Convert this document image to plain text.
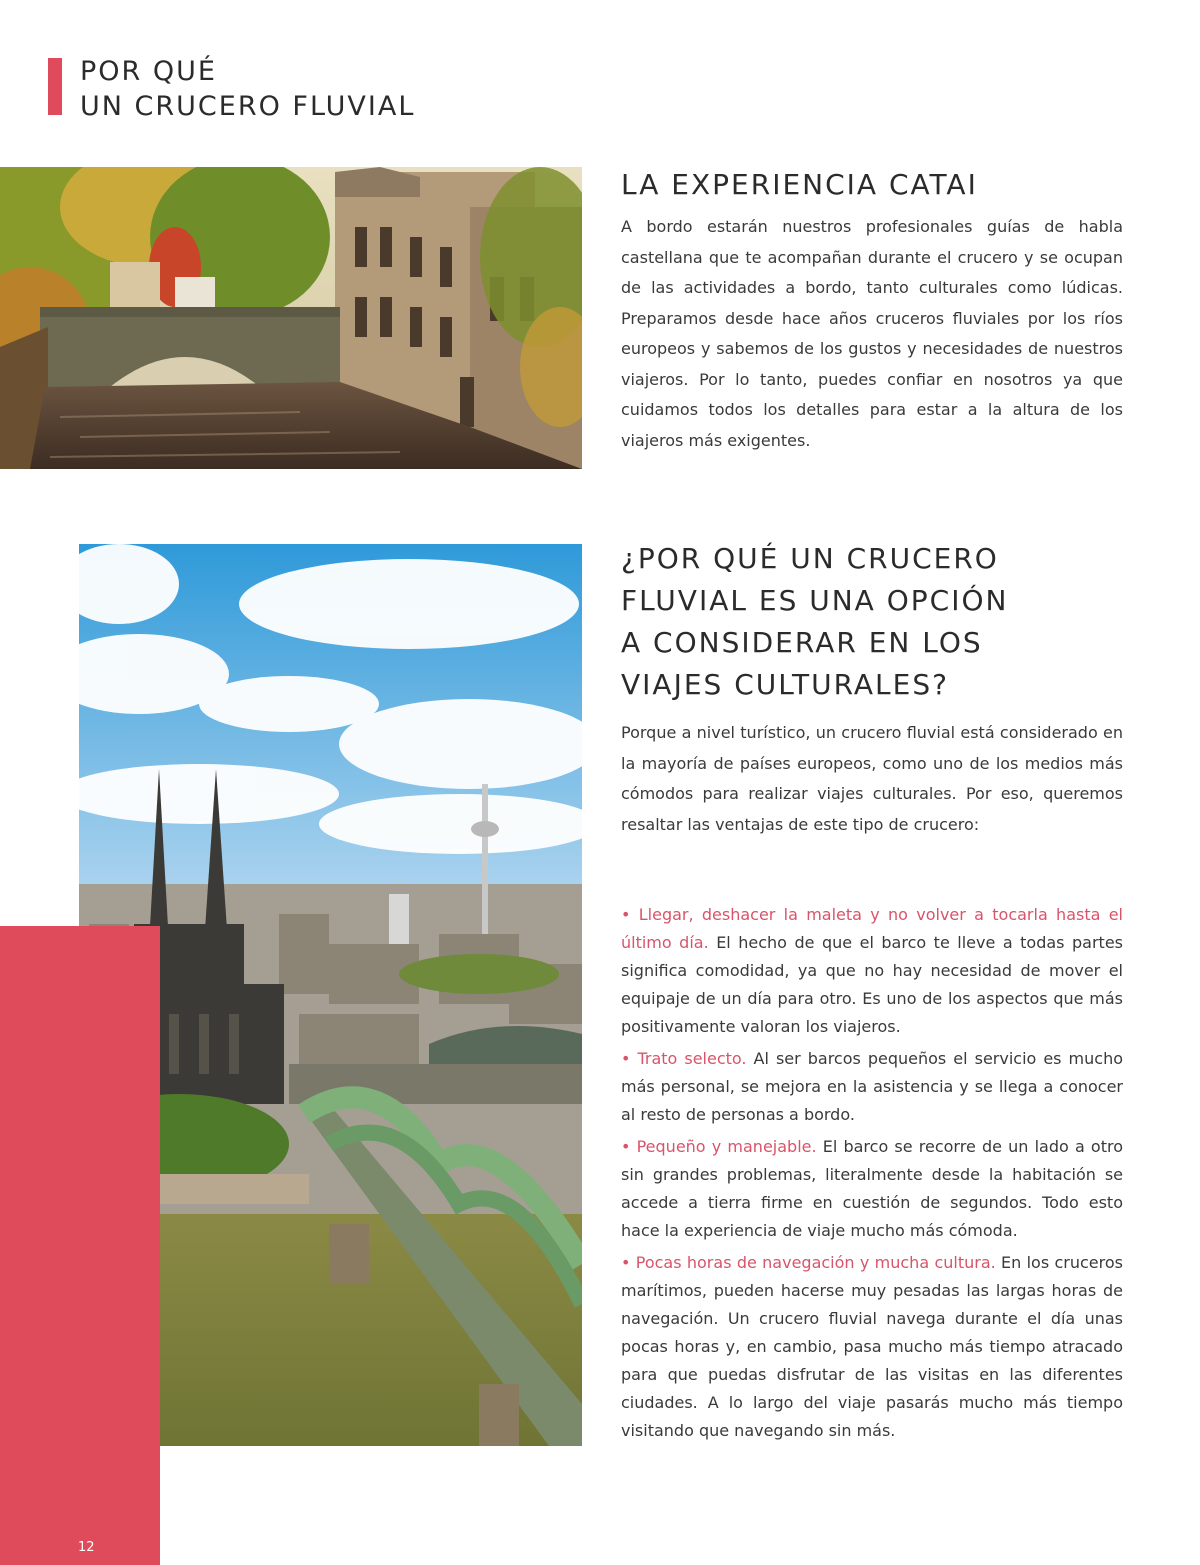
POR QUÉ
UN CRUCERO FLUVIAL
12
LA EXPERIENCIA CATAI

A bordo estarán nuestros profesionales guías de habla castellana que te acompañan durante el crucero y se ocupan de las actividades a bordo, tanto culturales como lúdicas. Preparamos desde hace años cruceros fluviales por los ríos europeos y sabemos de los gustos y necesidades de nuestros viajeros. Por lo tanto, puedes confiar en nosotros ya que cuidamos todos los detalles para estar a la altura de los viajeros más exigentes.

¿POR QUÉ UN CRUCERO
FLUVIAL ES UNA OPCIÓN
A CONSIDERAR EN LOS
VIAJES CULTURALES?

Porque a nivel turístico, un crucero fluvial está considerado en la mayoría de países europeos, como uno de los medios más cómodos para realizar viajes culturales. Por eso, queremos resaltar las ventajas de este tipo de crucero:

• Llegar, deshacer la maleta y no volver a tocarla hasta el último día. El hecho de que el barco te lleve a todas partes significa comodidad, ya que no hay necesidad de mover el equipaje de un día para otro. Es uno de los aspectos que más positivamente valoran los viajeros.
• Trato selecto. Al ser barcos pequeños el servicio es mucho más personal, se mejora en la asistencia y se llega a conocer al resto de personas a bordo.
• Pequeño y manejable. El barco se recorre de un lado a otro sin grandes problemas, literalmente desde la habitación se accede a tierra firme en cuestión de segundos. Todo esto hace la experiencia de viaje mucho más cómoda.
• Pocas horas de navegación y mucha cultura. En los cruceros marítimos, pueden hacerse muy pesadas las largas horas de navegación. Un crucero fluvial navega durante el día unas pocas horas y, en cambio, pasa mucho más tiempo atracado para que puedas disfrutar de las visitas en las diferentes ciudades. A lo largo del viaje pasarás mucho más tiempo visitando que navegando sin más.
